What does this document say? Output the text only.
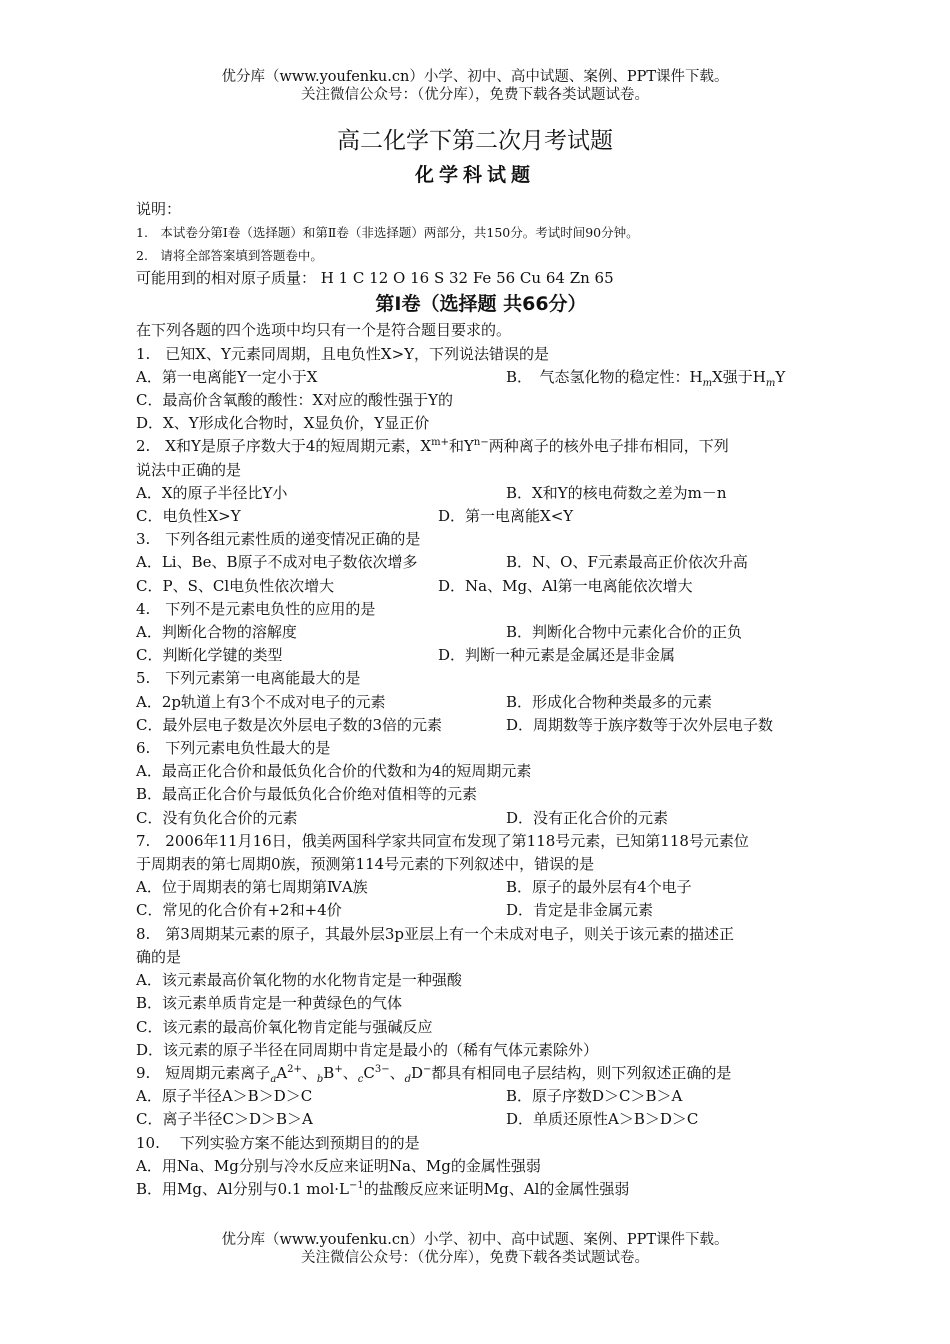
优分库（www.youfenku.cn）小学、初中、高中试题、案例、PPT课件下载。
关注微信公众号：（优分库），免费下载各类试题试卷。
高二化学下第二次月考试题
化学科试题
说明：
1.　本试卷分第Ⅰ卷（选择题）和第Ⅱ卷（非选择题）两部分，共150分。考试时间90分钟。
2.　请将全部答案填到答题卷中。
可能用到的相对原子质量： H 1 C 12 O 16 S 32 Fe 56 Cu 64 Zn 65
第Ⅰ卷（选择题 共66分）
在下列各题的四个选项中均只有一个是符合题目要求的。
1.　已知X、Y元素同周期，且电负性X>Y，下列说法错误的是
A．第一电离能Y一定小于X	B．　气态氢化物的稳定性：$H_mX$强于$H_mY$
C．最高价含氧酸的酸性：X对应的酸性强于Y的
D．X、Y形成化合物时，X显负价，Y显正价
2.　X和Y是原子序数大于4的短周期元素，$X^{m+}$和$Y^{n-}$两种离子的核外电子排布相同，下列
说法中正确的是
A．X的原子半径比Y小	B．X和Y的核电荷数之差为m－n
C．电负性X>Y	D．第一电离能X<Y
3.　下列各组元素性质的递变情况正确的是
A．Li、Be、B原子不成对电子数依次增多	B．N、O、F元素最高正价依次升高
C．P、S、Cl电负性依次增大	D．Na、Mg、Al第一电离能依次增大
4.　下列不是元素电负性的应用的是
A．判断化合物的溶解度	B．判断化合物中元素化合价的正负
C．判断化学键的类型	D．判断一种元素是金属还是非金属
5.　下列元素第一电离能最大的是
A．2p轨道上有3个不成对电子的元素	B．形成化合物种类最多的元素
C．最外层电子数是次外层电子数的3倍的元素	D．周期数等于族序数等于次外层电子数
6.　下列元素电负性最大的是
A．最高正化合价和最低负化合价的代数和为4的短周期元素
B．最高正化合价与最低负化合价绝对值相等的元素
C．没有负化合价的元素	D．没有正化合价的元素
7.　2006年11月16日，俄美两国科学家共同宣布发现了第118号元素，已知第118号元素位
于周期表的第七周期0族，预测第114号元素的下列叙述中，错误的是
A．位于周期表的第七周期第ⅣA族	B．原子的最外层有4个电子
C．常见的化合价有+2和+4价	D．肯定是非金属元素
8.　第3周期某元素的原子，其最外层3p亚层上有一个未成对电子，则关于该元素的描述正
确的是
A．该元素最高价氧化物的水化物肯定是一种强酸
B．该元素单质肯定是一种黄绿色的气体
C．该元素的最高价氧化物肯定能与强碱反应
D．该元素的原子半径在同周期中肯定是最小的（稀有气体元素除外）
9.　短周期元素离子$_aA^{2+}$、$_b$B+、$_cC^{3-}$、$_d$D−都具有相同电子层结构，则下列叙述正确的是
A．原子半径A＞B＞D＞C	B．原子序数D＞C＞B＞A
C．离子半径C＞D＞B＞A	D．单质还原性A＞B＞D＞C
10.　 下列实验方案不能达到预期目的的是
A．用Na、Mg分别与冷水反应来证明Na、Mg的金属性强弱
B．用Mg、Al分别与0.1 $mol\cdot L^{-1}$的盐酸反应来证明Mg、Al的金属性强弱
优分库（www.youfenku.cn）小学、初中、高中试题、案例、PPT课件下载。
关注微信公众号：（优分库），免费下载各类试题试卷。
